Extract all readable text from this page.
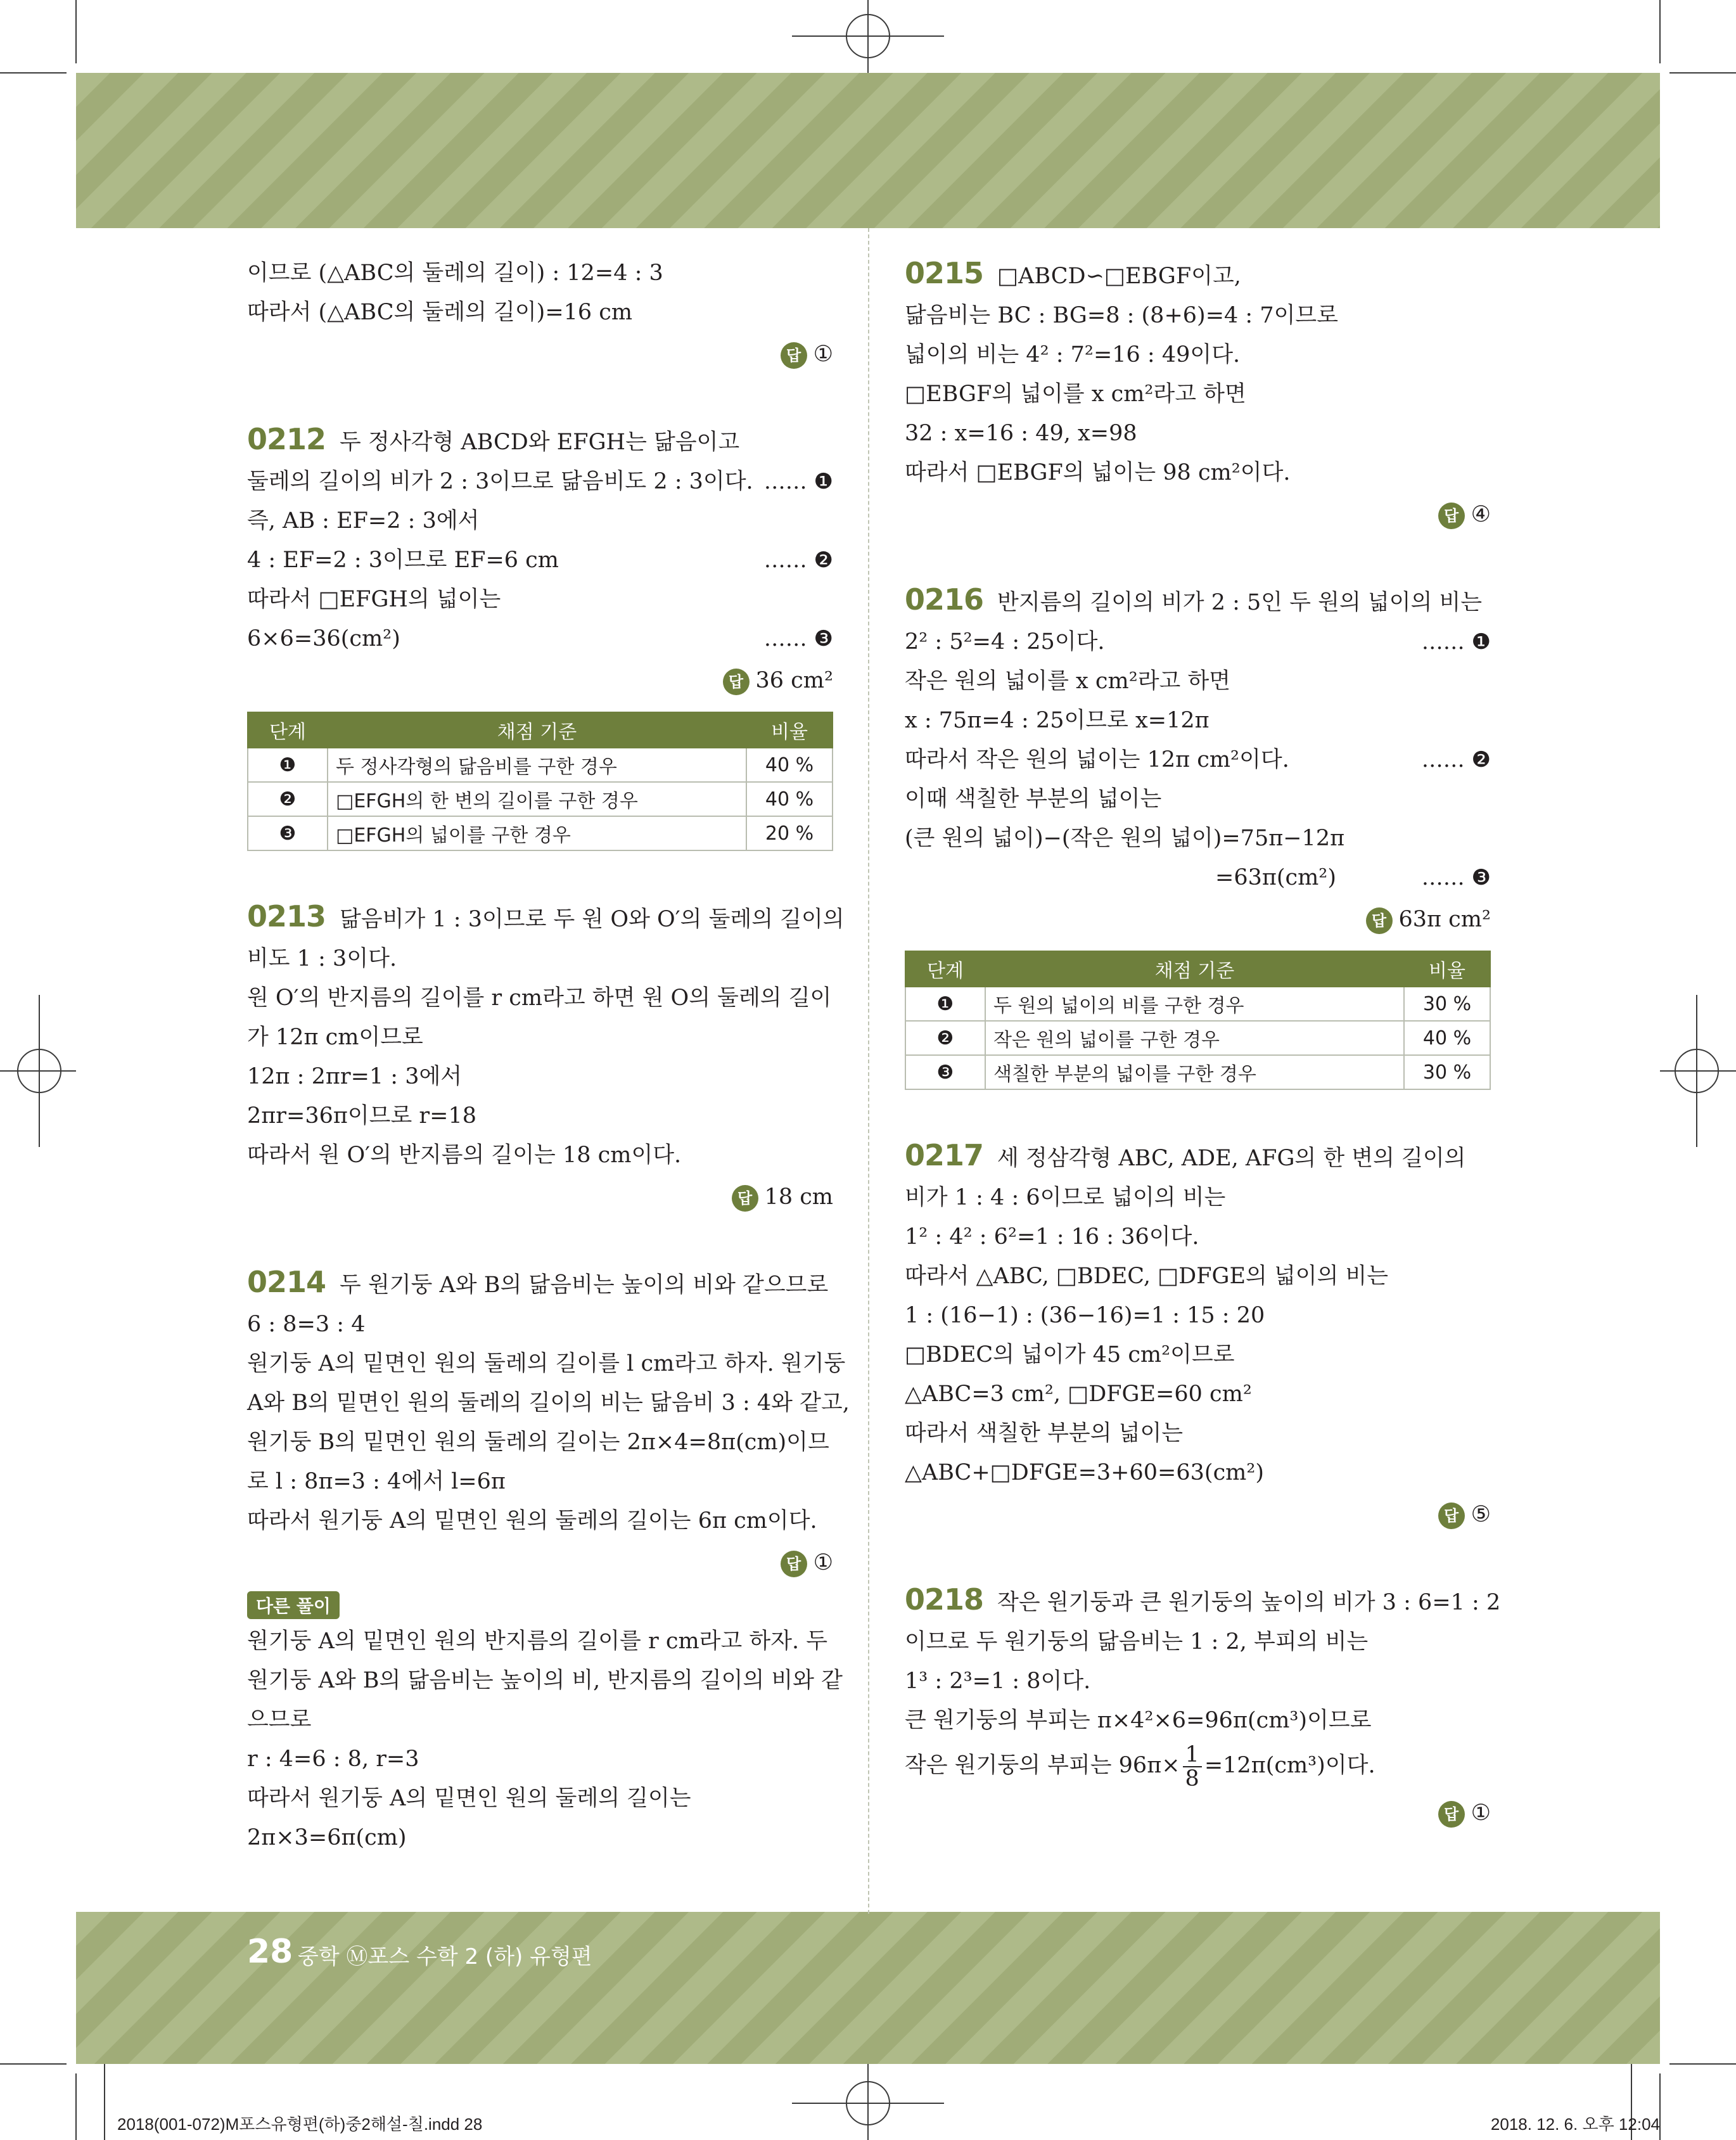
이므로 (△ABC의 둘레의 길이) : 12=4 : 3
따라서 (△ABC의 둘레의 길이)=16 cm
답 ①
0212 두 정사각형 ABCD와 EFGH는 닮음이고
둘레의 길이의 비가 2 : 3이므로 닮음비도 2 : 3이다. …… ❶
즉, AB : EF=2 : 3에서
4 : EF=2 : 3이므로 EF=6 cm	…… ❷
따라서 □EFGH의 넓이는
6×6=36(cm²)	…… ❸
답 36 cm²
단계	채점 기준	비율
❶	두 정사각형의 닮음비를 구한 경우	40 %
❷	□EFGH의 한 변의 길이를 구한 경우	40 %
❸	□EFGH의 넓이를 구한 경우	20 %
0213 닮음비가 1 : 3이므로 두 원 O와 O′의 둘레의 길이의
비도 1 : 3이다.
원 O′의 반지름의 길이를 r cm라고 하면 원 O의 둘레의 길이
가 12π cm이므로
12π : 2πr=1 : 3에서
2πr=36π이므로 r=18
따라서 원 O′의 반지름의 길이는 18 cm이다.
답 18 cm
0214 두 원기둥 A와 B의 닮음비는 높이의 비와 같으므로
6 : 8=3 : 4
원기둥 A의 밑면인 원의 둘레의 길이를 l cm라고 하자. 원기둥
A와 B의 밑면인 원의 둘레의 길이의 비는 닮음비 3 : 4와 같고,
원기둥 B의 밑면인 원의 둘레의 길이는 2π×4=8π(cm)이므
로 l : 8π=3 : 4에서 l=6π
따라서 원기둥 A의 밑면인 원의 둘레의 길이는 6π cm이다.
답 ①
다른 풀이
원기둥 A의 밑면인 원의 반지름의 길이를 r cm라고 하자. 두
원기둥 A와 B의 닮음비는 높이의 비, 반지름의 길이의 비와 같
으므로
r : 4=6 : 8, r=3
따라서 원기둥 A의 밑면인 원의 둘레의 길이는
2π×3=6π(cm)
0215 □ABCD∽□EBGF이고,
닮음비는 BC : BG=8 : (8+6)=4 : 7이므로
넓이의 비는 4² : 7²=16 : 49이다.
□EBGF의 넓이를 x cm²라고 하면
32 : x=16 : 49, x=98
따라서 □EBGF의 넓이는 98 cm²이다.
답 ④
0216 반지름의 길이의 비가 2 : 5인 두 원의 넓이의 비는
2² : 5²=4 : 25이다.	…… ❶
작은 원의 넓이를 x cm²라고 하면
x : 75π=4 : 25이므로 x=12π
따라서 작은 원의 넓이는 12π cm²이다.	…… ❷
이때 색칠한 부분의 넓이는
(큰 원의 넓이)−(작은 원의 넓이)=75π−12π
=63π(cm²)	…… ❸
답 63π cm²
단계	채점 기준	비율
❶	두 원의 넓이의 비를 구한 경우	30 %
❷	작은 원의 넓이를 구한 경우	40 %
❸	색칠한 부분의 넓이를 구한 경우	30 %
0217 세 정삼각형 ABC, ADE, AFG의 한 변의 길이의
비가 1 : 4 : 6이므로 넓이의 비는
1² : 4² : 6²=1 : 16 : 36이다.
따라서 △ABC, □BDEC, □DFGE의 넓이의 비는
1 : (16−1) : (36−16)=1 : 15 : 20
□BDEC의 넓이가 45 cm²이므로
△ABC=3 cm², □DFGE=60 cm²
따라서 색칠한 부분의 넓이는
△ABC+□DFGE=3+60=63(cm²)
답 ⑤
0218 작은 원기둥과 큰 원기둥의 높이의 비가 3 : 6=1 : 2
이므로 두 원기둥의 닮음비는 1 : 2, 부피의 비는
1³ : 2³=1 : 8이다.
큰 원기둥의 부피는 π×4²×6=96π(cm³)이므로
작은 원기둥의 부피는 $96\pi\times \frac{1}{8} =12\pi(cm^3)$이다.
답 ①
28 중학 Ⓜ포스 수학 2 (하) 유형편
2018(001-072)M포스유형편(하)중2해설-칠.indd 28	2018. 12. 6. 오후 12:04
